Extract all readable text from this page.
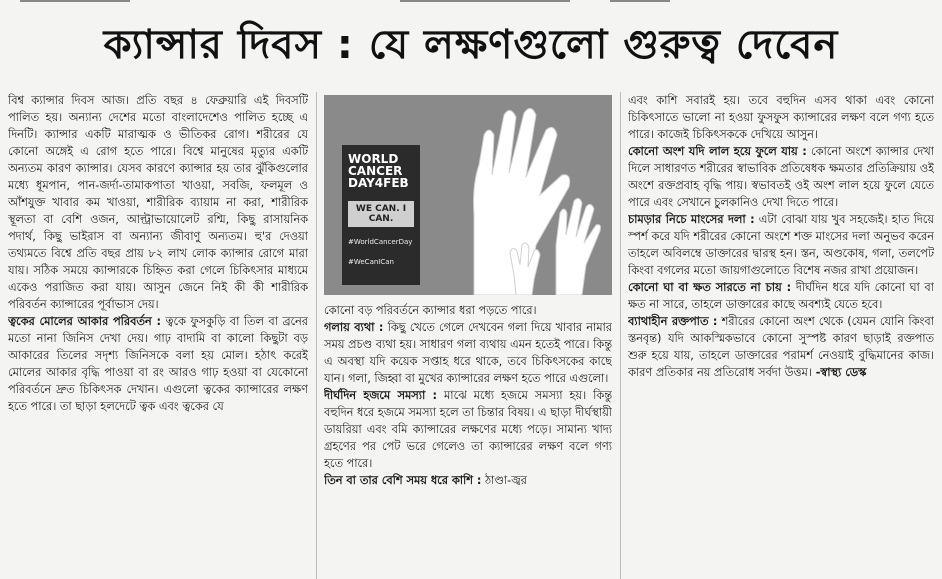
ক্যান্সার দিবস : যে লক্ষণগুলো গুরুত্ব দেবেন

বিশ্ব ক্যান্সার দিবস আজ। প্রতি বছর ৪ ফেব্রুয়ারি এই দিবসটি পালিত হয়। অন্যান্য দেশের মতো বাংলাদেশেও পালিত হচ্ছে এ দিনটি। ক্যান্সার একটি মারাত্মক ও ভীতিকর রোগ। শরীরের যে কোনো অঙ্গেই এ রোগ হতে পারে। বিশ্বে মানুষের মৃত্যুর একটি অন্যতম কারণ ক্যান্সার। যেসব কারণে ক্যান্সার হয় তার ঝুঁকিগুলোর মধ্যে ধূমপান, পান-জর্দা-তামাকপাতা খাওয়া, সবজি, ফলমূল ও আঁশযুক্ত খাবার কম খাওয়া, শারীরিক ব্যায়াম না করা, শারীরিক স্থূলতা বা বেশি ওজন, আল্ট্রাভায়োলেট রশ্মি, কিছু রাসায়নিক পদার্থ, কিছু ভাইরাস বা অন্যান্য জীবাণু অন্যতম। হু'র দেওয়া তথ্যমতে বিশ্বে প্রতি বছর প্রায় ৮২ লাখ লোক ক্যান্সার রোগে মারা যায়। সঠিক সময়ে ক্যান্সারকে চিহ্নিত করা গেলে চিকিৎসার মাধ্যমে একেও পরাজিত করা যায়। আসুন জেনে নিই কী কী শারীরিক পরিবর্তন ক্যান্সারের পূর্বাভাস দেয়।

ত্বকের মোলের আকার পরিবর্তন : ত্বকে ফুসকুড়ি বা তিল বা ব্রনের মতো নানা জিনিস দেখা দেয়। গাঢ় বাদামি বা কালো কিছুটা বড় আকারের তিলের সদৃশ্য জিনিসকে বলা হয় মোল। হঠাৎ করেই মোলের আকার বৃদ্ধি পাওয়া বা রং আরও গাঢ় হওয়া বা যেকোনো পরিবর্তনে দ্রুত চিকিৎসক দেখান। এগুলো ত্বকের ক্যান্সারের লক্ষণ হতে পারে। তা ছাড়া হলদেটে ত্বক এবং ত্বকের যে

WORLD
CANCER
DAY4FEB
WE CAN. I CAN.
#WorldCancerDay
#WeCanICan

কোনো বড় পরিবর্তনে ক্যান্সার ধরা পড়তে পারে।

গলায় ব্যথা : কিছু খেতে গেলে দেখবেন গলা দিয়ে খাবার নামার সময় প্রচণ্ড ব্যথা হয়। সাধারণ গলা ব্যথায় এমন হতেই পারে। কিন্তু এ অবস্থা যদি কয়েক সপ্তাহ ধরে থাকে, তবে চিকিৎসকের কাছে যান। গলা, জিহ্বা বা মুখের ক্যান্সারের লক্ষণ হতে পারে এগুলো।

দীর্ঘদিন হজমে সমস্যা : মাঝে মধ্যে হজমে সমস্যা হয়। কিন্তু বহুদিন ধরে হজমে সমস্যা হলে তা চিন্তার বিষয়। এ ছাড়া দীর্ঘস্থায়ী ডায়রিয়া এবং বমি ক্যান্সারের লক্ষণের মধ্যে পড়ে। সামান্য খাদ্য গ্রহণের পর পেট ভরে গেলেও তা ক্যান্সারের লক্ষণ বলে গণ্য হতে পারে।

তিন বা তার বেশি সময় ধরে কাশি : ঠাণ্ডা-জ্বর

এবং কাশি সবারই হয়। তবে বহুদিন এসব থাকা এবং কোনো চিকিৎসাতে ভালো না হওয়া ফুসফুস ক্যান্সারের লক্ষণ বলে গণ্য হতে পারে। কাজেই চিকিৎসককে দেখিয়ে আসুন।

কোনো অংশ যদি লাল হয়ে ফুলে যায় : কোনো অংশে ক্যান্সার দেখা দিলে সাধারণত শরীরের স্বাভাবিক প্রতিষেধক ক্ষমতার প্রতিক্রিয়ায় ওই অংশে রক্তপ্রবাহ বৃদ্ধি পায়। স্বভাবতই ওই অংশ লাল হয়ে ফুলে যেতে পারে এবং সেখানে চুলকানিও দেখা দিতে পারে।

চামড়ার নিচে মাংসের দলা : এটা বোঝা যায় খুব সহজেই। হাত দিয়ে স্পর্শ করে যদি শরীরের কোনো অংশে শক্ত মাংসের দলা অনুভব করেন তাহলে অবিলম্বে ডাক্তারের দ্বারস্থ হন। স্তন, অণ্ডকোষ, গলা, তলপেট কিংবা বগলের মতো জায়গাগুলোতে বিশেষ নজর রাখা প্রয়োজন।

কোনো ঘা বা ক্ষত সারতে না চায় : দীর্ঘদিন ধরে যদি কোনো ঘা বা ক্ষত না সারে, তাহলে ডাক্তারের কাছে অবশ্যই যেতে হবে।

ব্যাথাহীন রক্তপাত : শরীরের কোনো অংশ থেকে (যেমন যোনি কিংবা স্তনবৃন্ত) যদি আকস্মিকভাবে কোনো সুস্পষ্ট কারণ ছাড়াই রক্তপাত শুরু হয়ে যায়, তাহলে ডাক্তারের পরামর্শ নেওয়াই বুদ্ধিমানের কাজ। কারণ প্রতিকার নয় প্রতিরোধ সর্বদা উত্তম। -স্বাস্থ্য ডেস্ক
